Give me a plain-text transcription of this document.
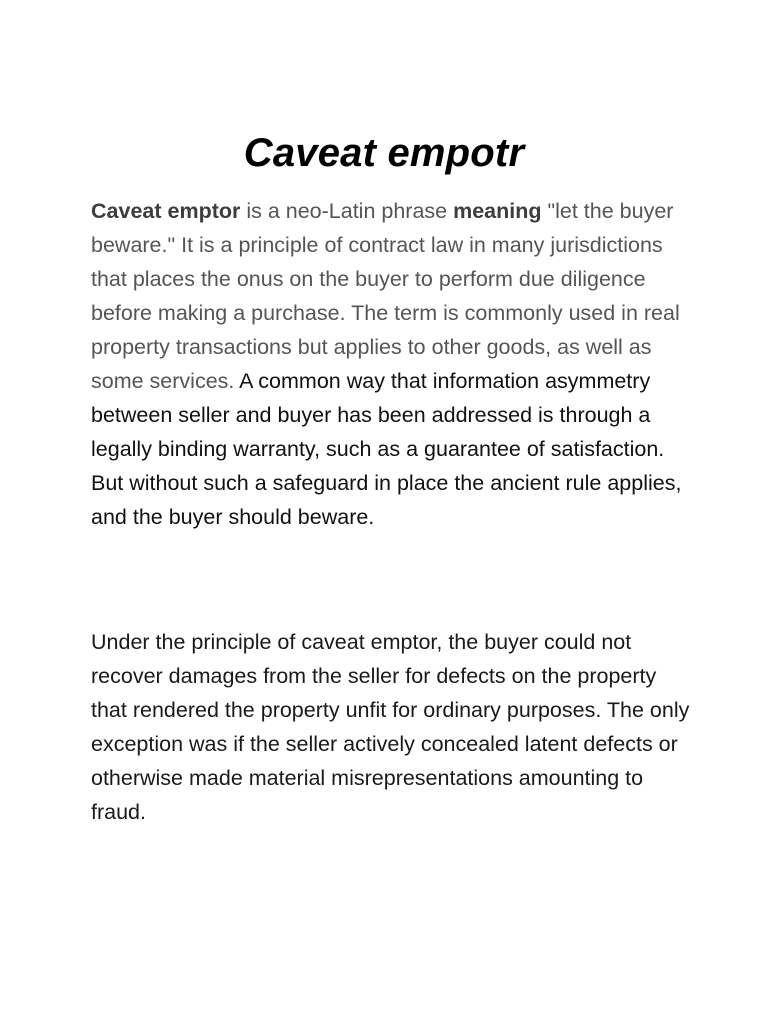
Caveat empotr

Caveat emptor is a neo-Latin phrase meaning "let the buyer beware." It is a principle of contract law in many jurisdictions that places the onus on the buyer to perform due diligence before making a purchase. The term is commonly used in real property transactions but applies to other goods, as well as some services. A common way that information asymmetry between seller and buyer has been addressed is through a legally binding warranty, such as a guarantee of satisfaction. But without such a safeguard in place the ancient rule applies, and the buyer should beware.

Under the principle of caveat emptor, the buyer could not recover damages from the seller for defects on the property that rendered the property unfit for ordinary purposes. The only exception was if the seller actively concealed latent defects or otherwise made material misrepresentations amounting to fraud.
